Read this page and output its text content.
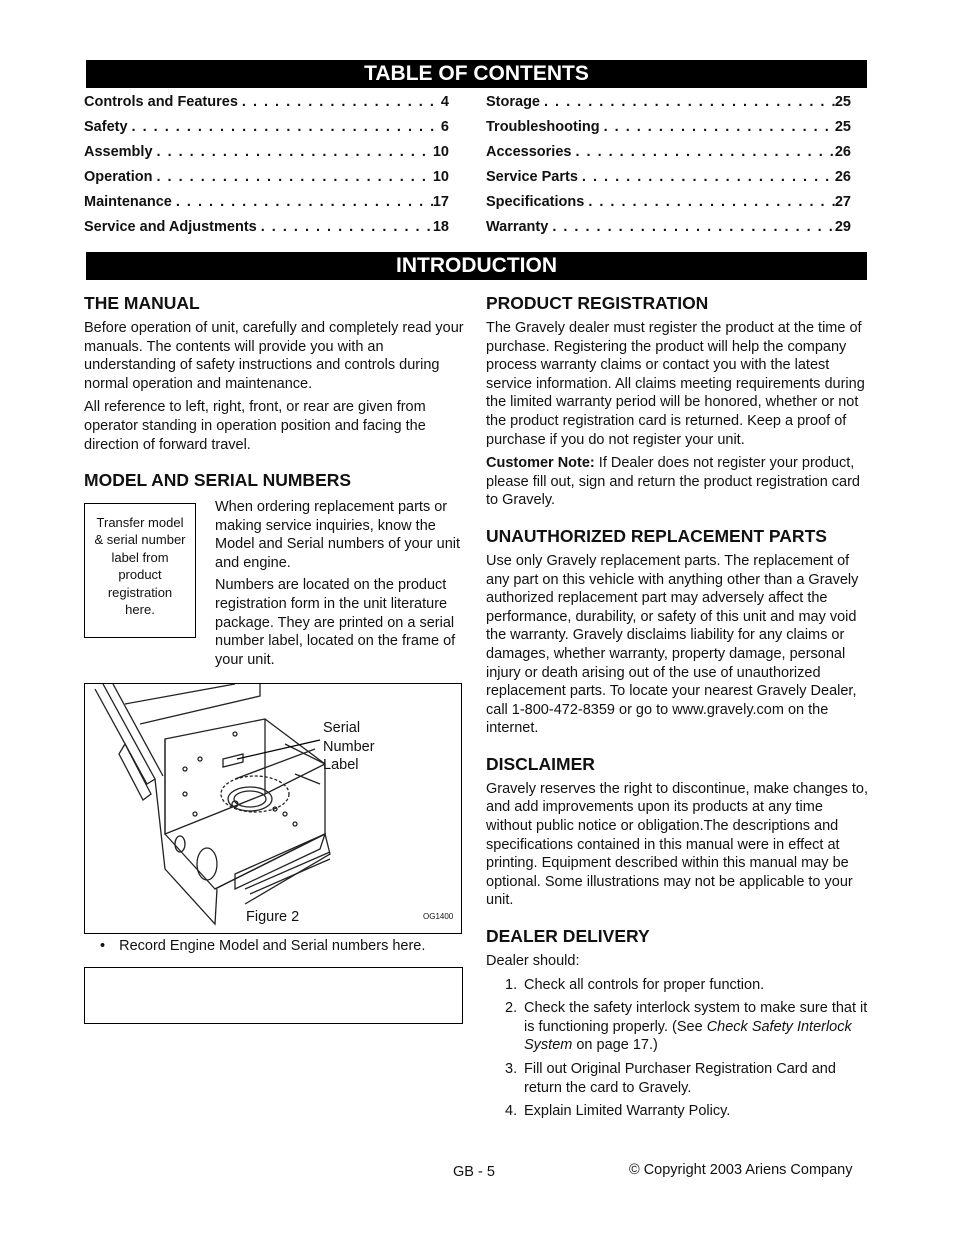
TABLE OF CONTENTS
Controls and Features . . .	4
Safety . . .	6
Assembly . . .	10
Operation . . .	10
Maintenance . . .	17
Service and Adjustments . . .	18
Storage . . .	25
Troubleshooting . . .	25
Accessories . . .	26
Service Parts . . .	26
Specifications . . .	27
Warranty . . .	29
INTRODUCTION
THE MANUAL

Before operation of unit, carefully and completely read your manuals. The contents will provide you with an understanding of safety instructions and controls during normal operation and maintenance.

All reference to left, right, front, or rear are given from operator standing in operation position and facing the direction of forward travel.

MODEL AND SERIAL NUMBERS
Transfer model & serial number label from product registration here.

When ordering replacement parts or making service inquiries, know the Model and Serial numbers of your unit and engine.

Numbers are located on the product registration form in the unit literature package. They are printed on a serial number label, located on the frame of your unit.

Serial
Number
Label
Figure 2	OG1400
• Record Engine Model and Serial numbers here.
PRODUCT REGISTRATION

The Gravely dealer must register the product at the time of purchase. Registering the product will help the company process warranty claims or contact you with the latest service information. All claims meeting requirements during the limited warranty period will be honored, whether or not the product registration card is returned. Keep a proof of purchase if you do not register your unit.

Customer Note: If Dealer does not register your product, please fill out, sign and return the product registration card to Gravely.

UNAUTHORIZED REPLACEMENT PARTS

Use only Gravely replacement parts. The replacement of any part on this vehicle with anything other than a Gravely authorized replacement part may adversely affect the performance, durability, or safety of this unit and may void the warranty. Gravely disclaims liability for any claims or damages, whether warranty, property damage, personal injury or death arising out of the use of unauthorized replacement parts. To locate your nearest Gravely Dealer, call 1-800-472-8359 or go to www.gravely.com on the internet.

DISCLAIMER

Gravely reserves the right to discontinue, make changes to, and add improvements upon its products at any time without public notice or obligation.The descriptions and specifications contained in this manual were in effect at printing. Equipment described within this manual may be optional. Some illustrations may not be applicable to your unit.

DEALER DELIVERY

Dealer should:

1. Check all controls for proper function.
2. Check the safety interlock system to make sure that it is functioning properly. (See Check Safety Interlock System on page 17.)
3. Fill out Original Purchaser Registration Card and return the card to Gravely.
4. Explain Limited Warranty Policy.
GB - 5	© Copyright 2003 Ariens Company
